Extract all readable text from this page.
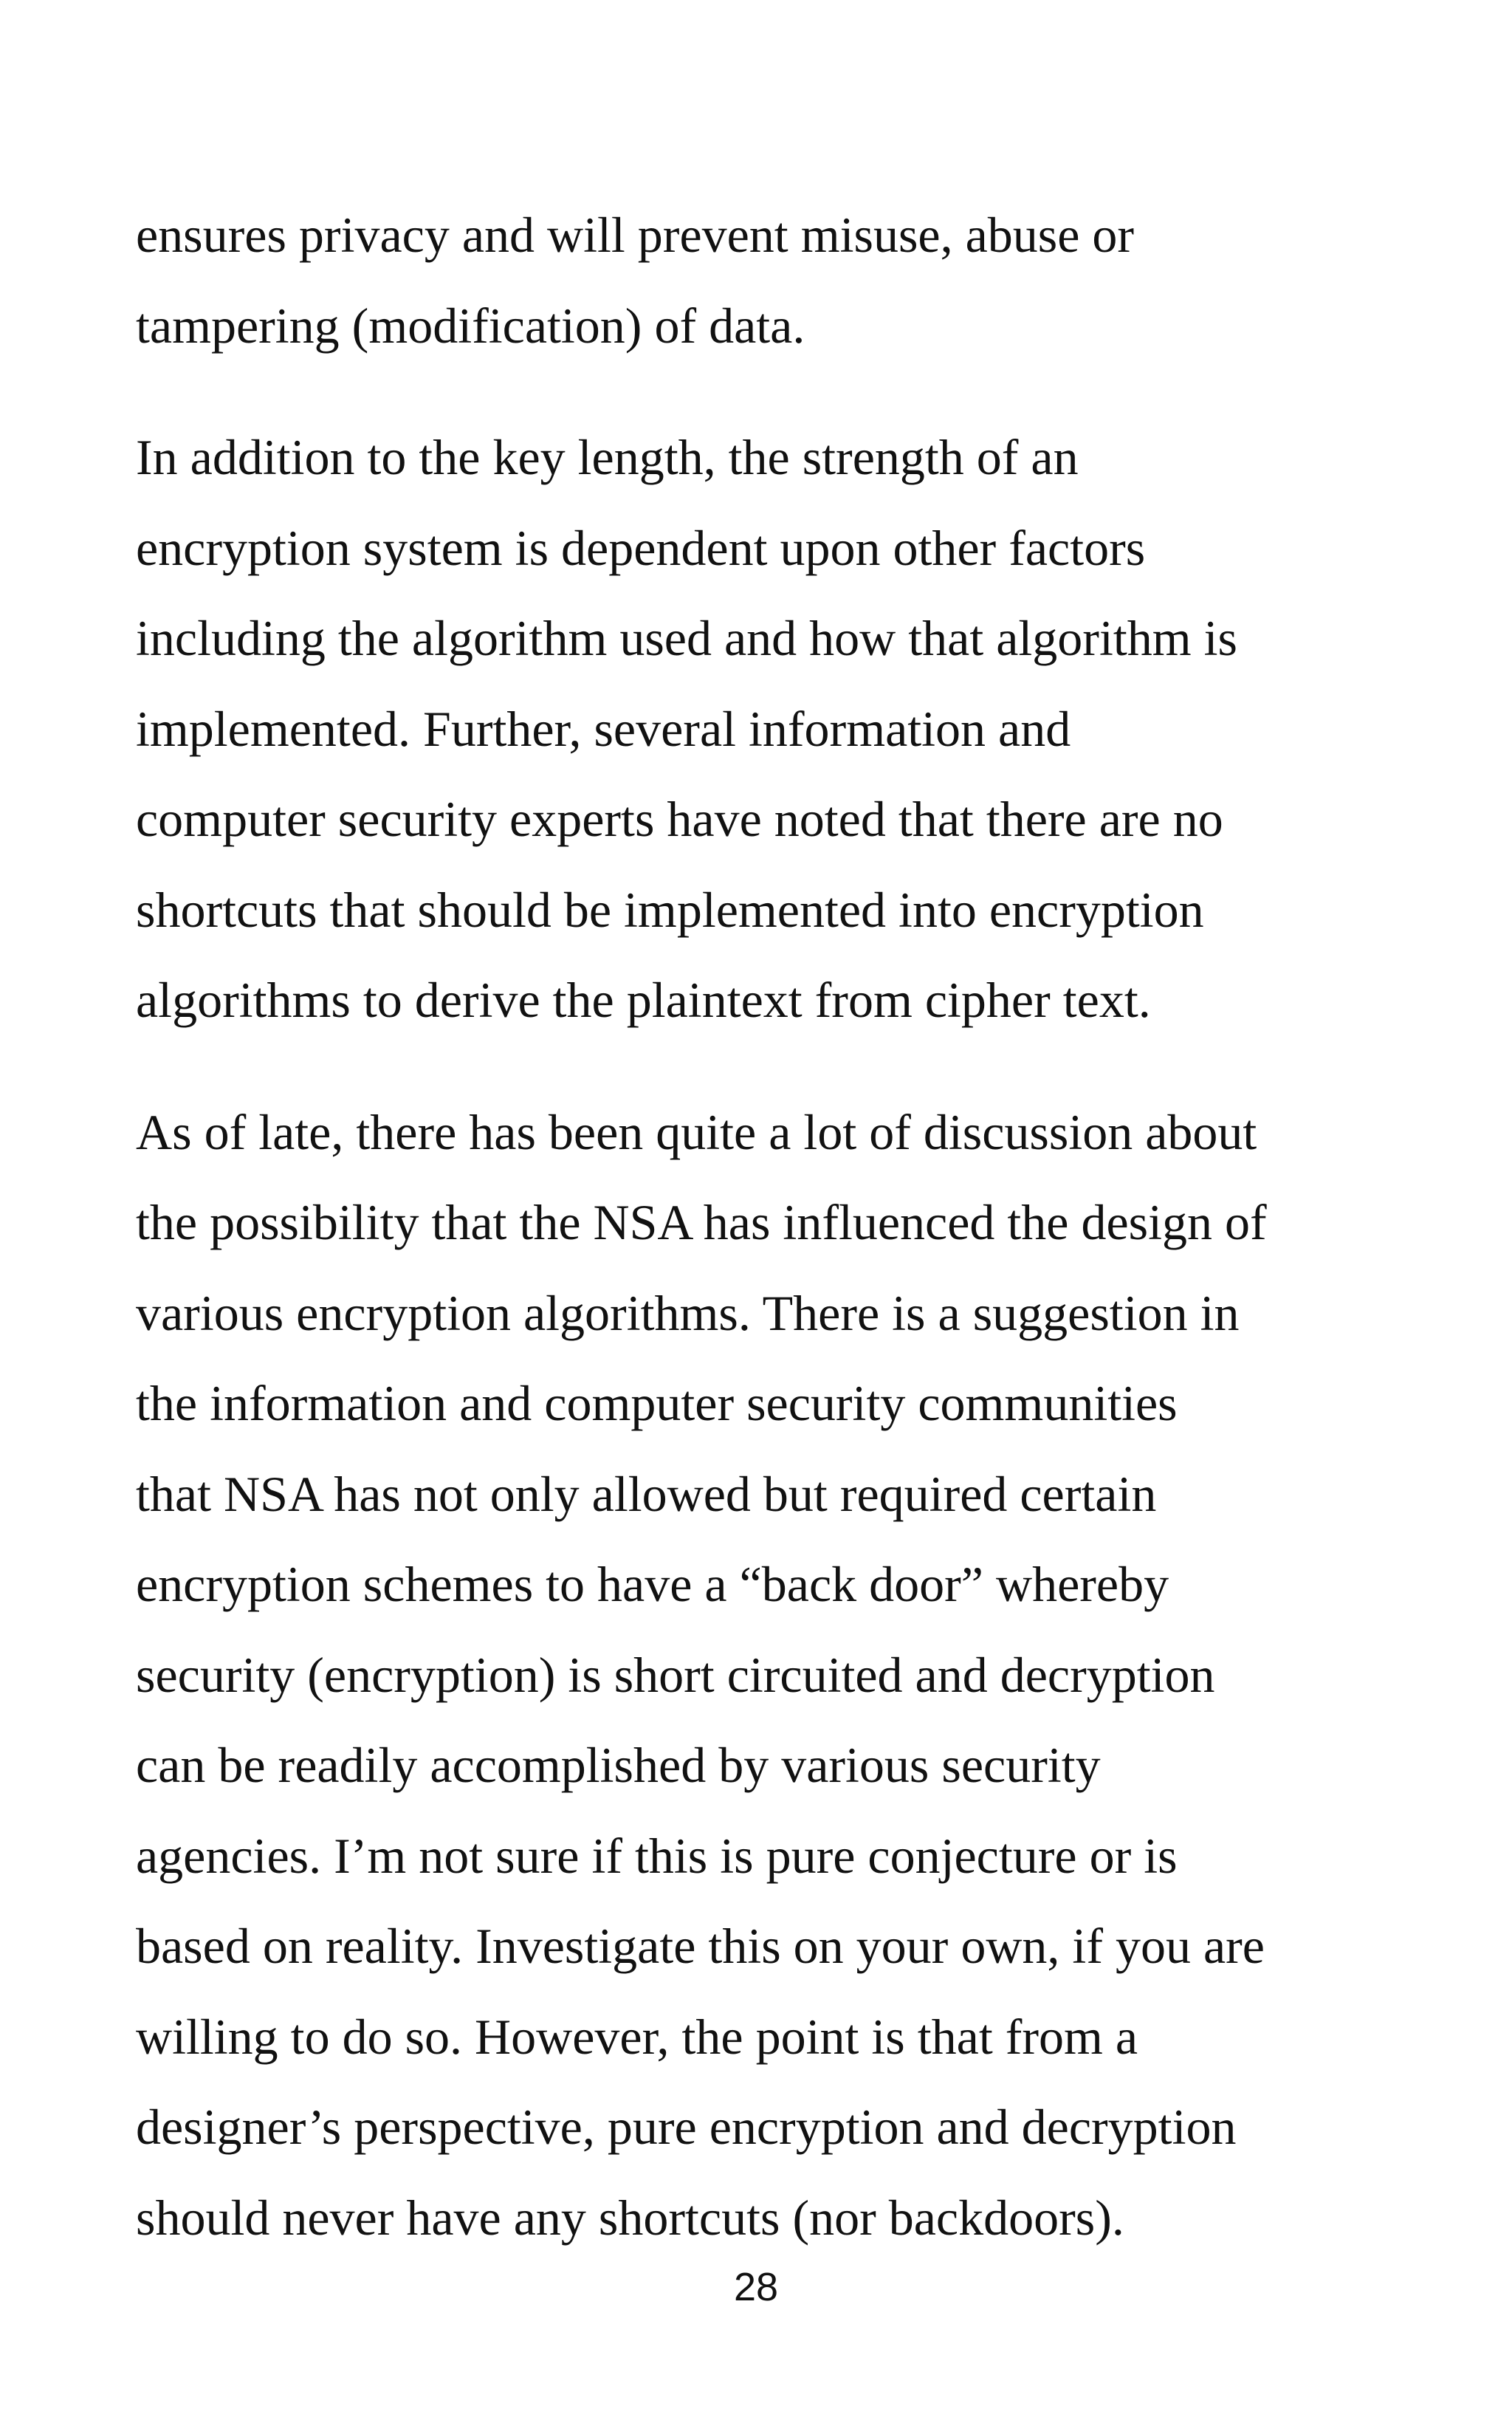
ensures privacy and will prevent misuse, abuse or
tampering (modification) of data.
In addition to the key length, the strength of an
encryption system is dependent upon other factors
including the algorithm used and how that algorithm is
implemented. Further, several information and
computer security experts have noted that there are no
shortcuts that should be implemented into encryption
algorithms to derive the plaintext from cipher text.
As of late, there has been quite a lot of discussion about
the possibility that the NSA has influenced the design of
various encryption algorithms. There is a suggestion in
the information and computer security communities
that NSA has not only allowed but required certain
encryption schemes to have a “back door” whereby
security (encryption) is short circuited and decryption
can be readily accomplished by various security
agencies. I’m not sure if this is pure conjecture or is
based on reality. Investigate this on your own, if you are
willing to do so. However, the point is that from a
designer’s perspective, pure encryption and decryption
should never have any shortcuts (nor backdoors).
28
